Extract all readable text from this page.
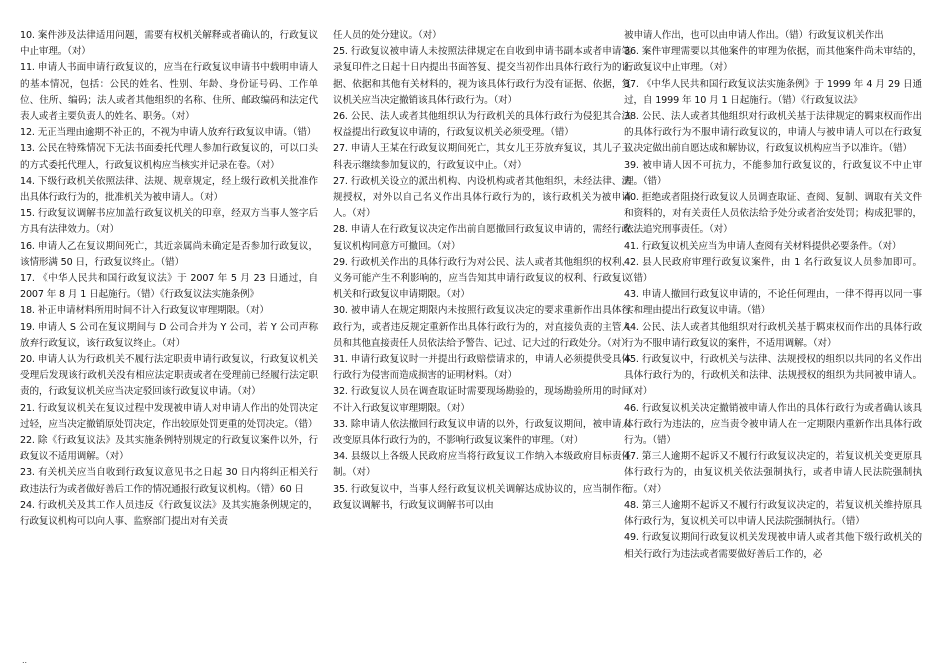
10. 案件涉及法律适用问题，需要有权机关解释或者确认的，行政复议中止审理。（对）

11. 申请人书面申请行政复议的，应当在行政复议申请书中载明申请人的基本情况，包括：公民的姓名、性别、年龄、身份证号码、工作单位、住所、编码；法人或者其他组织的名称、住所、邮政编码和法定代表人或者主要负责人的姓名、职务。（对）

12. 无正当理由逾期不补正的，不视为申请人放弃行政复议申请。（错）

13. 公民在特殊情况下无法书面委托代理人参加行政复议的，可以口头的方式委托代理人，行政复议机构应当核实并记录在卷。（对）

14. 下级行政机关依照法律、法规、规章规定，经上级行政机关批准作出具体行政行为的，批准机关为被申请人。（对）

15. 行政复议调解书应加盖行政复议机关的印章，经双方当事人签字后方具有法律效力。（对）

16. 申请人乙在复议期间死亡，其近亲属尚未确定是否参加行政复议，该情形满 50 日，行政复议终止。（错）

17. 《中华人民共和国行政复议法》于 2007 年 5 月 23 日通过，自 2007 年 8 月 1 日起施行。（错）《行政复议法实施条例》

18. 补正申请材料所用时间不计入行政复议审理期限。（对）

19. 申请人 S 公司在复议期间与 D 公司合并为 Y 公司，若 Y 公司声称放弃行政复议，该行政复议终止。（对）

20. 申请人认为行政机关不履行法定职责申请行政复议，行政复议机关受理后发现该行政机关没有相应法定职责或者在受理前已经履行法定职责的，行政复议机关应当决定驳回该行政复议申请。（对）

21. 行政复议机关在复议过程中发现被申请人对申请人作出的处罚决定过轻，应当决定撤销原处罚决定，作出较原处罚更重的处罚决定。（错）

22. 除《行政复议法》及其实施条例特别规定的行政复议案件以外，行政复议不适用调解。（对）

23. 有关机关应当自收到行政复议意见书之日起 30 日内将纠正相关行政违法行为或者做好善后工作的情况通报行政复议机构。（错）60 日

24. 行政机关及其工作人员违反《行政复议法》及其实施条例规定的，行政复议机构可以向人事、监察部门提出对有关责

任人员的处分建议。（对）

25. 行政复议被申请人未按照法律规定在自收到申请书副本或者申请笔录复印件之日起十日内提出书面答复、提交当初作出具体行政行为的证据、依据和其他有关材料的，视为该具体行政行为没有证据、依据，复议机关应当决定撤销该具体行政行为。（对）

26. 公民、法人或者其他组织认为行政机关的具体行政行为侵犯其合法权益提出行政复议申请的，行政复议机关必须受理。（错）

27. 申请人王某在行政复议期间死亡，其女儿王芬放弃复议，其儿子王科表示继续参加复议的，行政复议中止。（对）

27. 行政机关设立的派出机构、内设机构或者其他组织，未经法律、法规授权，对外以自己名义作出具体行政行为的，该行政机关为被申请人。（对）

28. 申请人在行政复议决定作出前自愿撤回行政复议申请的，需经行政复议机构同意方可撤回。（对）

29. 行政机关作出的具体行政行为对公民、法人或者其他组织的权利、义务可能产生不利影响的，应当告知其申请行政复议的权利、行政复议机关和行政复议申请期限。（对）

30. 被申请人在规定期限内未按照行政复议决定的要求重新作出具体行政行为，或者违反规定重新作出具体行政行为的，对直接负责的主管人员和其他直接责任人员依法给予警告、记过、记大过的行政处分。（对）

31. 申请行政复议时一并提出行政赔偿请求的，申请人必须提供受具体行政行为侵害而造成损害的证明材料。（对）

32. 行政复议人员在调查取证时需要现场勘验的，现场勘验所用的时间不计入行政复议审理期限。（对）

33. 除申请人依法撤回行政复议申请的以外，行政复议期间，被申请人改变原具体行政行为的，不影响行政复议案件的审理。（对）

34. 县级以上各级人民政府应当将行政复议工作纳入本级政府目标责任制。（对）

35. 行政复议中，当事人经行政复议机关调解达成协议的，应当制作行政复议调解书，行政复议调解书可以由

被申请人作出，也可以由申请人作出。（错）行政复议机关作出

36. 案件审理需要以其他案件的审理为依据，而其他案件尚未审结的，行政复议中止审理。（对）

37. 《中华人民共和国行政复议法实施条例》于 1999 年 4 月 29 日通过，自 1999 年 10 月 1 日起施行。（错）《行政复议法》

38. 公民、法人或者其他组织对行政机关基于法律规定的羁束权而作出的具体行政行为不服申请行政复议的，申请人与被申请人可以在行政复议决定做出前自愿达成和解协议，行政复议机构应当予以准许。（错）

39. 被申请人因不可抗力，不能参加行政复议的，行政复议不中止审理。（错）

40. 拒绝或者阻挠行政复议人员调查取证、查阅、复制、调取有关文件和资料的，对有关责任人员依法给予处分或者治安处罚；构成犯罪的，依法追究刑事责任。（对）

41. 行政复议机关应当为申请人查阅有关材料提供必要条件。（对）

42. 县人民政府审理行政复议案件，由 1 名行政复议人员参加即可。（错）

43. 申请人撤回行政复议申请的，不论任何理由，一律不得再以同一事实和理由提出行政复议申请。（错）

44. 公民、法人或者其他组织对行政机关基于羁束权而作出的具体行政行为不服申请行政复议的案件，不适用调解。（对）

45. 行政复议中，行政机关与法律、法规授权的组织以共同的名义作出具体行政行为的，行政机关和法律、法规授权的组织为共同被申请人。（对）

46. 行政复议机关决定撤销被申请人作出的具体行政行为或者确认该具体行政行为违法的，应当责令被申请人在一定期限内重新作出具体行政行为。（错）

47. 第三人逾期不起诉又不履行行政复议决定的，若复议机关变更原具体行政行为的，由复议机关依法强制执行，或者申请人民法院强制执行。（对）

48. 第三人逾期不起诉又不履行行政复议决定的，若复议机关维持原具体行政行为，复议机关可以申请人民法院强制执行。（错）

49. 行政复议期间行政复议机关发现被申请人或者其他下级行政机关的相关行政行为违法或者需要做好善后工作的，必

..
